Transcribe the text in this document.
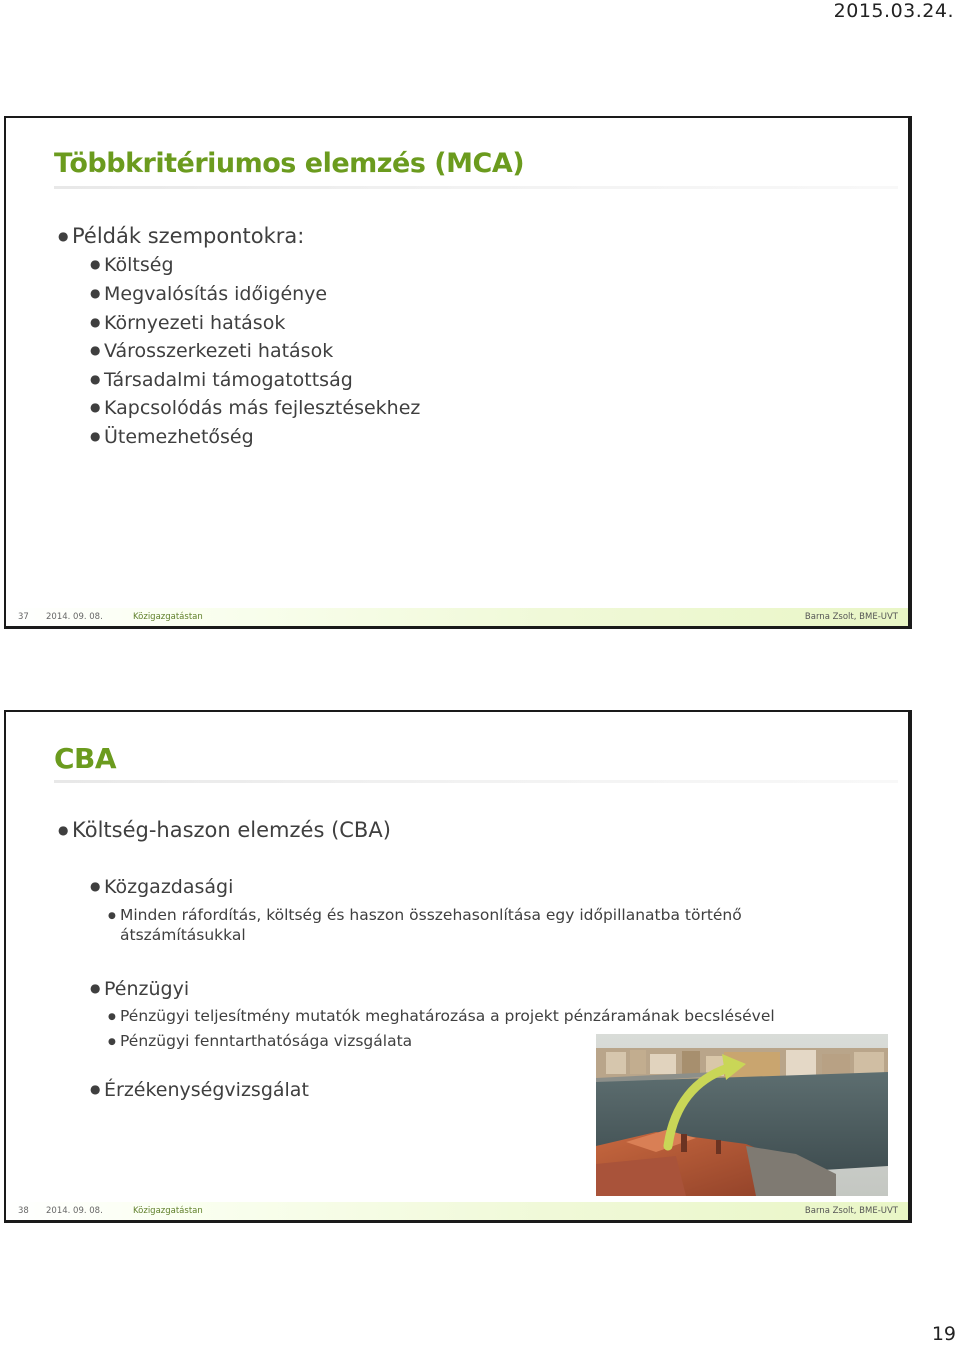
2015.03.24.
Többkritériumos elemzés (MCA)
● Példák szempontokra:
● Költség
● Megvalósítás időigénye
● Környezeti hatások
● Városszerkezeti hatások
● Társadalmi támogatottság
● Kapcsolódás más fejlesztésekhez
● Ütemezhetőség
37 2014. 09. 08.	Közigazgatástan	Barna Zsolt, BME-UVT
CBA
● Költség-haszon elemzés (CBA)
● Közgazdasági
● Minden ráfordítás, költség és haszon összehasonlítása egy időpillanatba történő
átszámításukkal
● Pénzügyi
● Pénzügyi teljesítmény mutatók meghatározása a projekt pénzáramának becslésével
● Pénzügyi fenntarthatósága vizsgálata
● Érzékenységvizsgálat
38 2014. 09. 08.	Közigazgatástan	Barna Zsolt, BME-UVT
19
